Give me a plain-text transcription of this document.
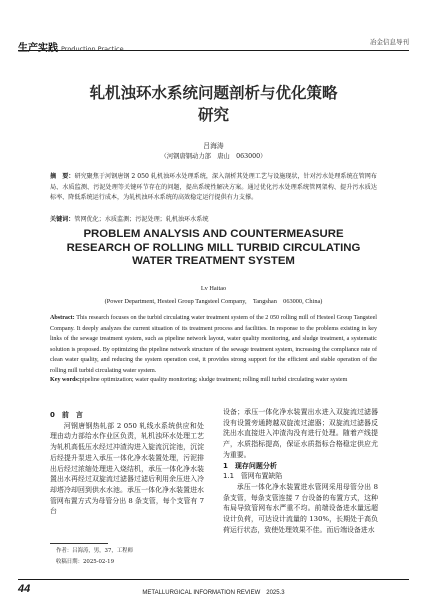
生产实践 Production Practice
冶金信息导刊
轧机浊环水系统问题剖析与优化策略
研究
吕海涛
（河钢唐钢动力部　唐山　063000）
摘　要：研究聚焦于河钢唐钢 2 050 轧机浊环水处理系统，深入剖析其处理工艺与设施现状，针对污水处理系统在管网布局、水质监测、污泥处理等关键环节存在的问题，提出系统性解决方案。通过优化污水处理系统管网架构、提升污水质达标率、降低系统运行成本，为轧机浊环水系统的高效稳定运行提供有力支撑。
关键词：管网优化；水质监测；污泥处理；轧机浊环水系统
PROBLEM ANALYSIS AND COUNTERMEASURE
RESEARCH OF ROLLING MILL TURBID CIRCULATING
WATER TREATMENT SYSTEM
Lv Haitao
(Power Department, Hesteel Group Tangsteel Company,　Tangshan　063000, China)
Abstract: This research focuses on the turbid circulating water treatment system of the 2 050 rolling mill of Hesteel Group Tangsteel Company. It deeply analyzes the current situation of its treatment process and facilities. In response to the problems existing in key links of the sewage treatment system, such as pipeline network layout, water quality monitoring, and sludge treatment, a systematic solution is proposed. By optimizing the pipeline network structure of the sewage treatment system, increasing the compliance rate of clean water quality, and reducing the system operation cost, it provides strong support for the efficient and stable operation of the rolling mill turbid circulating water system.
Key words:pipeline optimization; water quality monitoring; sludge treatment; rolling mill turbid circulating water system
0　前　言
河钢唐钢热轧部 2 050 轧线水系统供应和处理由动力部给水作业区负责，轧机浊环水处理工艺为轧机高低压水经过冲渣沟进入旋流沉淀池，沉淀后经提升泵进入承压一体化净水装置处理，污泥排出后经过浓缩处理进入烧结机，承压一体化净水装置出水再经过双旋流过滤器过滤后利用余压进入冷却塔冷却回到供水水池。承压一体化净水装置进水管网布置方式为母管分出 8 条支管，每个支管有 7 台
设备；承压一体化净水装置出水进入双旋流过滤器没有设置旁通跨越双旋流过滤器；双旋流过滤器反洗出水直接进入冲渣沟没有进行处理。随着产线提产，水质指标提高，保证水质指标合格稳定供应尤为重要。
1　现存问题分析
1.1　管网布置缺陷
承压一体化净水装置进水管网采用母管分出 8 条支管，每条支管连接 7 台设备的布置方式，这种布局导致管网布水严重不均。前端设备进水量远超设计负荷，可达设计流量的 130%，长期处于高负荷运行状态，致使处理效果不佳。而后端设备进水
作者：吕海涛，男，37，工程师
收稿日期：2025-02-19
44	METALLURGICAL INFORMATION REVIEW　2025.3
